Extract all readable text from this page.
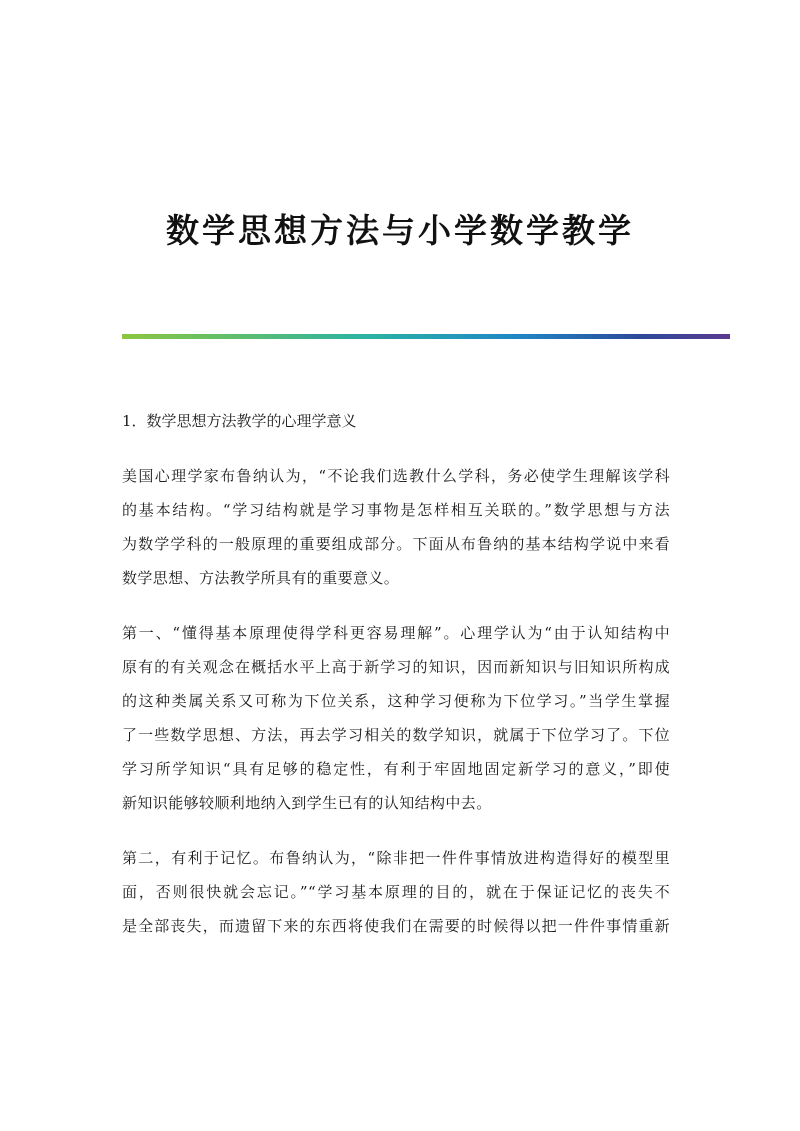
数学思想方法与小学数学教学
1．数学思想方法教学的心理学意义

美国心理学家布鲁纳认为，“不论我们选教什么学科，务必使学生理解该学科
的基本结构。“学习结构就是学习事物是怎样相互关联的。”数学思想与方法
为数学学科的一般原理的重要组成部分。下面从布鲁纳的基本结构学说中来看
数学思想、方法教学所具有的重要意义。

第一、“懂得基本原理使得学科更容易理解”。心理学认为“由于认知结构中
原有的有关观念在概括水平上高于新学习的知识，因而新知识与旧知识所构成
的这种类属关系又可称为下位关系，这种学习便称为下位学习。”当学生掌握
了一些数学思想、方法，再去学习相关的数学知识，就属于下位学习了。下位
学习所学知识“具有足够的稳定性，有利于牢固地固定新学习的意义，”即使
新知识能够较顺利地纳入到学生已有的认知结构中去。

第二，有利于记忆。布鲁纳认为，“除非把一件件事情放进构造得好的模型里
面，否则很快就会忘记。”“学习基本原理的目的，就在于保证记忆的丧失不
是全部丧失，而遗留下来的东西将使我们在需要的时候得以把一件件事情重新
